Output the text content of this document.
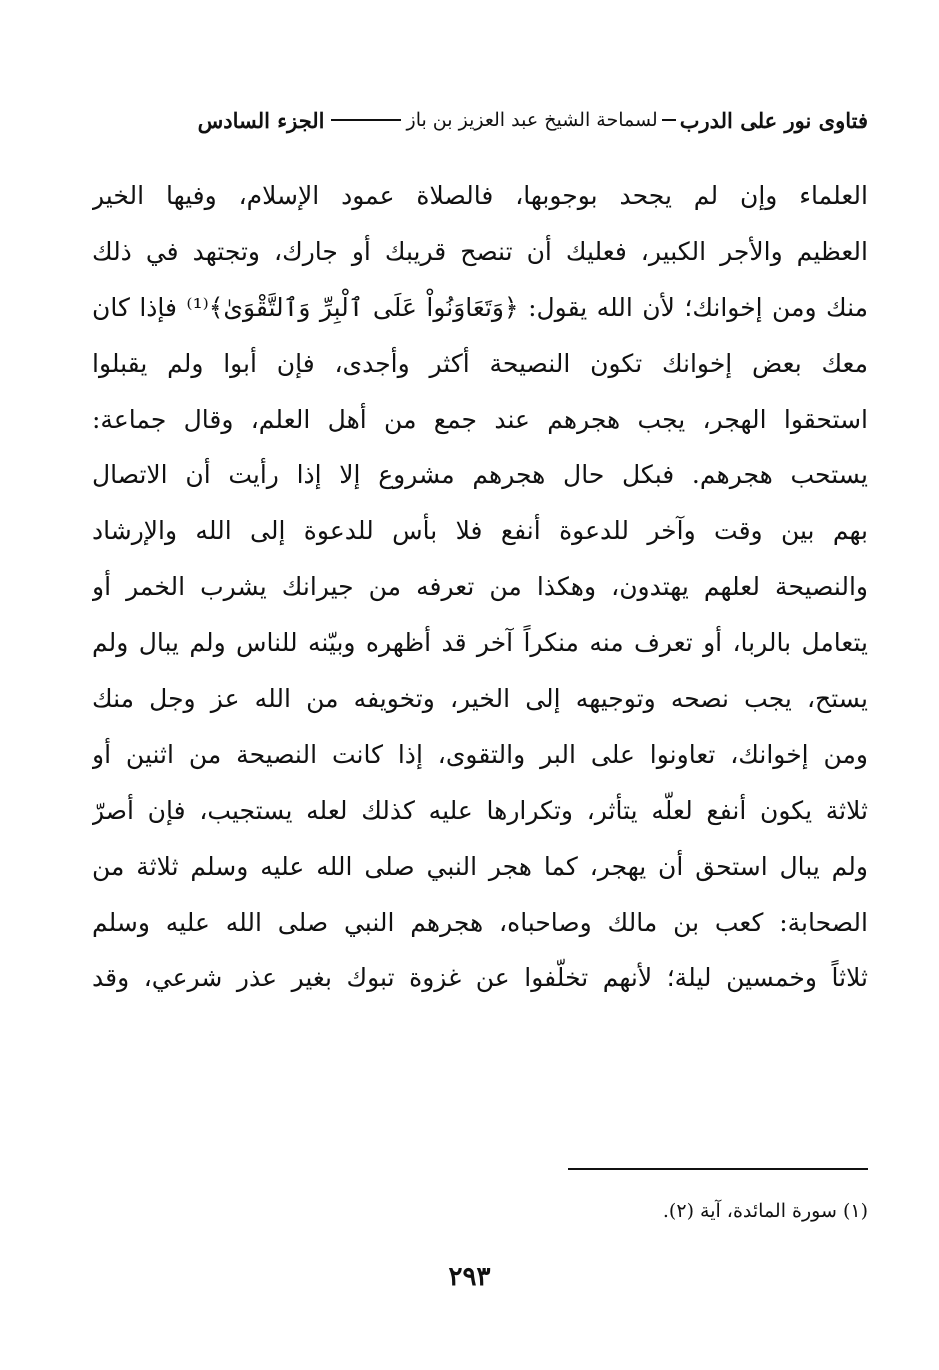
فتاوى نور على الدرب
لسماحة الشيخ عبد العزيز بن باز
الجزء السادس
العلماء وإن لم يجحد بوجوبها، فالصلاة عمود الإسلام، وفيها الخير
العظيم والأجر الكبير، فعليك أن تنصح قريبك أو جارك، وتجتهد في ذلك
منك ومن إخوانك؛ لأن الله يقول: ﴿وَتَعَاوَنُواْ عَلَى ٱلْبِرِّ وَٱلتَّقْوَىٰ﴾⁽¹⁾ فإذا كان
معك بعض إخوانك تكون النصيحة أكثر وأجدى، فإن أبوا ولم يقبلوا
استحقوا الهجر، يجب هجرهم عند جمع من أهل العلم، وقال جماعة:
يستحب هجرهم. فبكل حال هجرهم مشروع إلا إذا رأيت أن الاتصال
بهم بين وقت وآخر للدعوة أنفع فلا بأس للدعوة إلى الله والإرشاد
والنصيحة لعلهم يهتدون، وهكذا من تعرفه من جيرانك يشرب الخمر أو
يتعامل بالربا، أو تعرف منه منكراً آخر قد أظهره وبيّنه للناس ولم يبال ولم
يستح، يجب نصحه وتوجيهه إلى الخير، وتخويفه من الله عز وجل منك
ومن إخوانك، تعاونوا على البر والتقوى، إذا كانت النصيحة من اثنين أو
ثلاثة يكون أنفع لعلّه يتأثر، وتكرارها عليه كذلك لعله يستجيب، فإن أصرّ
ولم يبال استحق أن يهجر، كما هجر النبي صلى الله عليه وسلم ثلاثة من
الصحابة: كعب بن مالك وصاحباه، هجرهم النبي صلى الله عليه وسلم
ثلاثاً وخمسين ليلة؛ لأنهم تخلّفوا عن غزوة تبوك بغير عذر شرعي، وقد
(١) سورة المائدة، آية (٢).
٢٩٣
